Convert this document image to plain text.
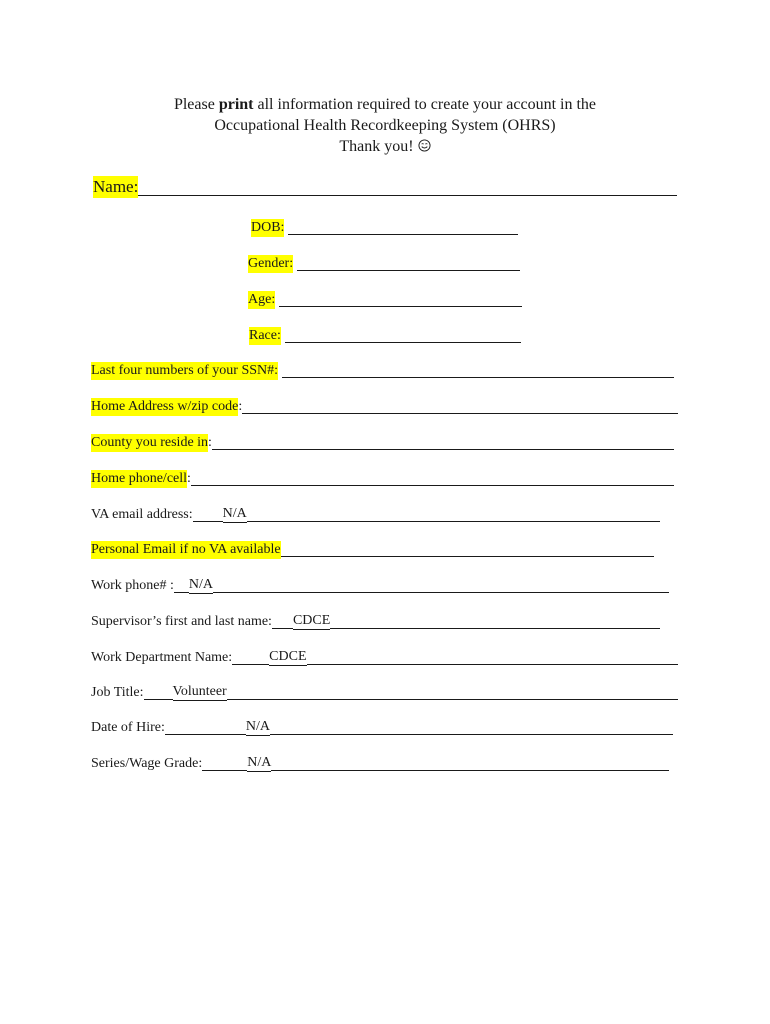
Please print all information required to create your account in the
Occupational Health Recordkeeping System (OHRS)
Thank you!
Name:
DOB:
Gender:
Age:
Race:
Last four numbers of your SSN#:
Home Address w/zip code :
County you reside in :
Home phone/cell :
VA email address: N/A
Personal Email if no VA available
Work phone# : N/A
Supervisor’s first and last name: CDCE
Work Department Name:	CDCE
Job Title: Volunteer
Date of Hire:	N/A
Series/Wage Grade:	N/A
